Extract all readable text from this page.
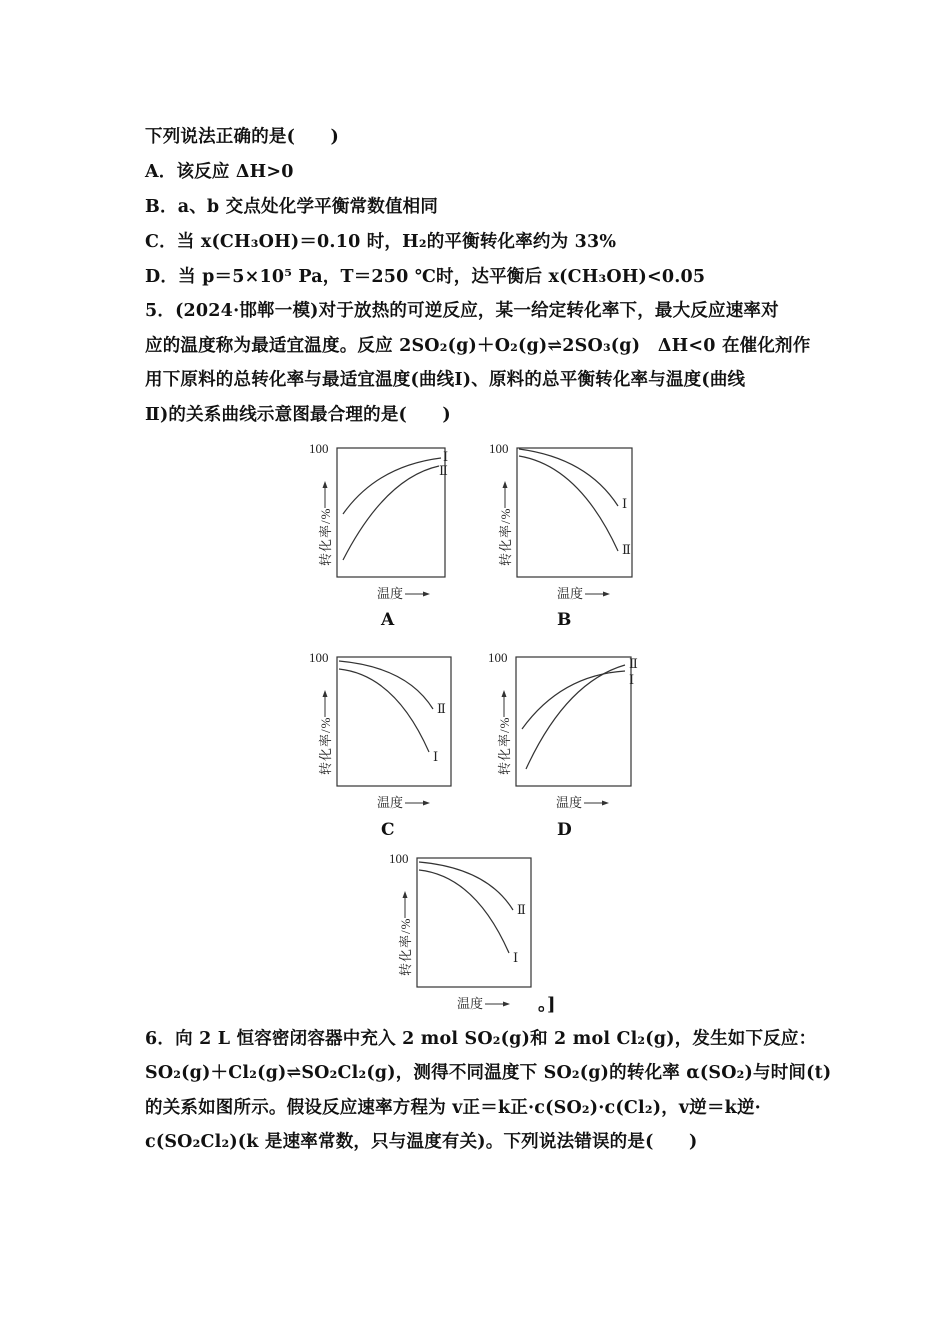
下列说法正确的是(　　)
A．该反应 ΔH>0
B．a、b 交点处化学平衡常数值相同
C．当 x(CH₃OH)＝0.10 时，H₂的平衡转化率约为 33%
D．当 p＝5×10⁵ Pa，T＝250 ℃时，达平衡后 x(CH₃OH)<0.05
5．(2024·邯郸一模)对于放热的可逆反应，某一给定转化率下，最大反应速率对
应的温度称为最适宜温度。反应 2SO₂(g)＋O₂(g)⇌2SO₃(g)　ΔH<0 在催化剂作
用下原料的总转化率与最适宜温度(曲线Ⅰ)、原料的总平衡转化率与温度(曲线
Ⅱ)的关系曲线示意图最合理的是(　　)
100
转化率/%
温度
Ⅰ
Ⅱ
100
转化率/%
温度
Ⅰ
Ⅱ
100
转化率/%
温度
Ⅱ
Ⅰ
100
转化率/%
温度
Ⅱ
Ⅰ
100
转化率/%
温度
Ⅱ
Ⅰ
A	B
C	D
。]
6．向 2 L 恒容密闭容器中充入 2 mol SO₂(g)和 2 mol Cl₂(g)，发生如下反应：
SO₂(g)＋Cl₂(g)⇌SO₂Cl₂(g)，测得不同温度下 SO₂(g)的转化率 α(SO₂)与时间(t)
的关系如图所示。假设反应速率方程为 v正＝k正·c(SO₂)·c(Cl₂)，v逆＝k逆·
c(SO₂Cl₂)(k 是速率常数，只与温度有关)。下列说法错误的是(　　)
